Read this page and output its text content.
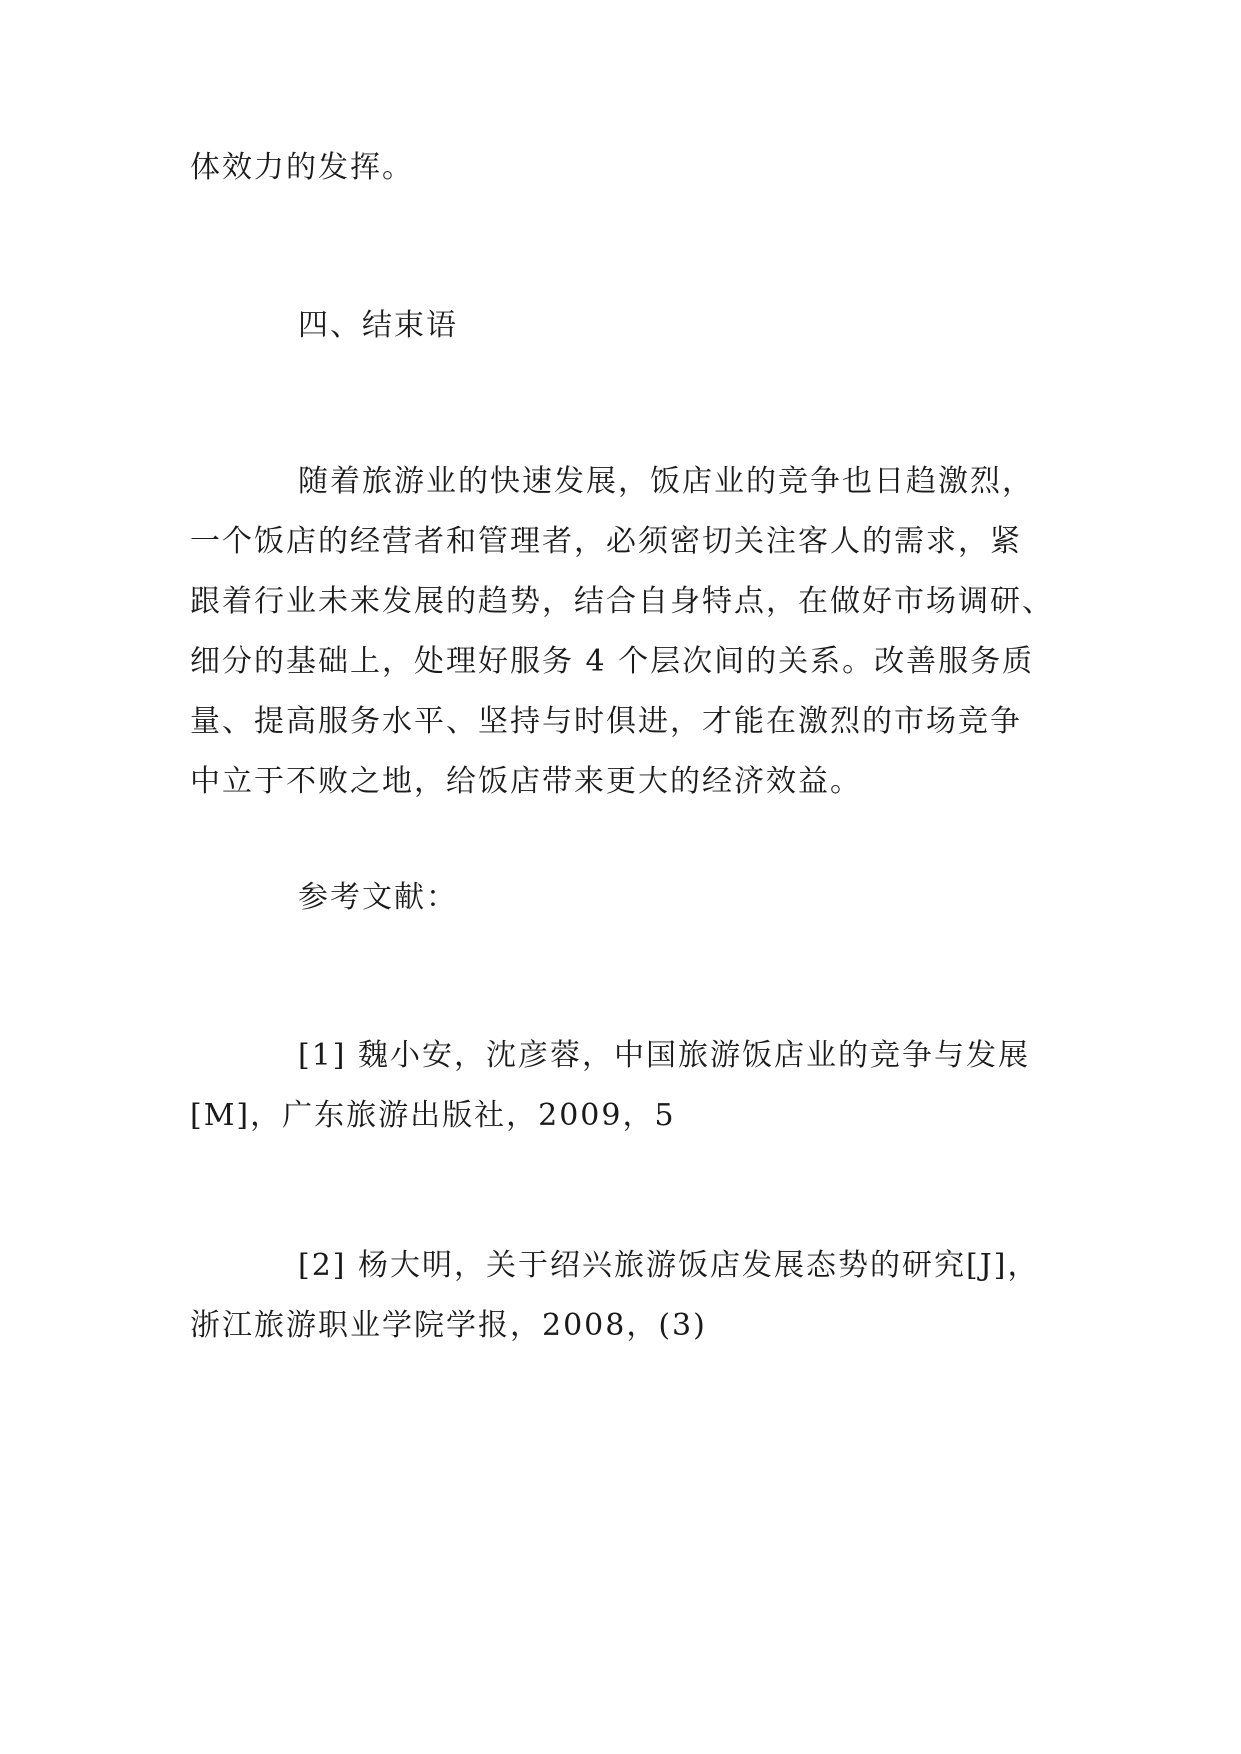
体效力的发挥。

四、结束语

随着旅游业的快速发展，饭店业的竞争也日趋激烈，
一个饭店的经营者和管理者，必须密切关注客人的需求，紧
跟着行业未来发展的趋势，结合自身特点，在做好市场调研、
细分的基础上，处理好服务 4 个层次间的关系。改善服务质
量、提高服务水平、坚持与时俱进，才能在激烈的市场竞争
中立于不败之地，给饭店带来更大的经济效益。

参考文献：

[1] 魏小安，沈彦蓉，中国旅游饭店业的竞争与发展
[M]，广东旅游出版社，2009，5

[2] 杨大明，关于绍兴旅游饭店发展态势的研究[J]，
浙江旅游职业学院学报，2008，(3)
